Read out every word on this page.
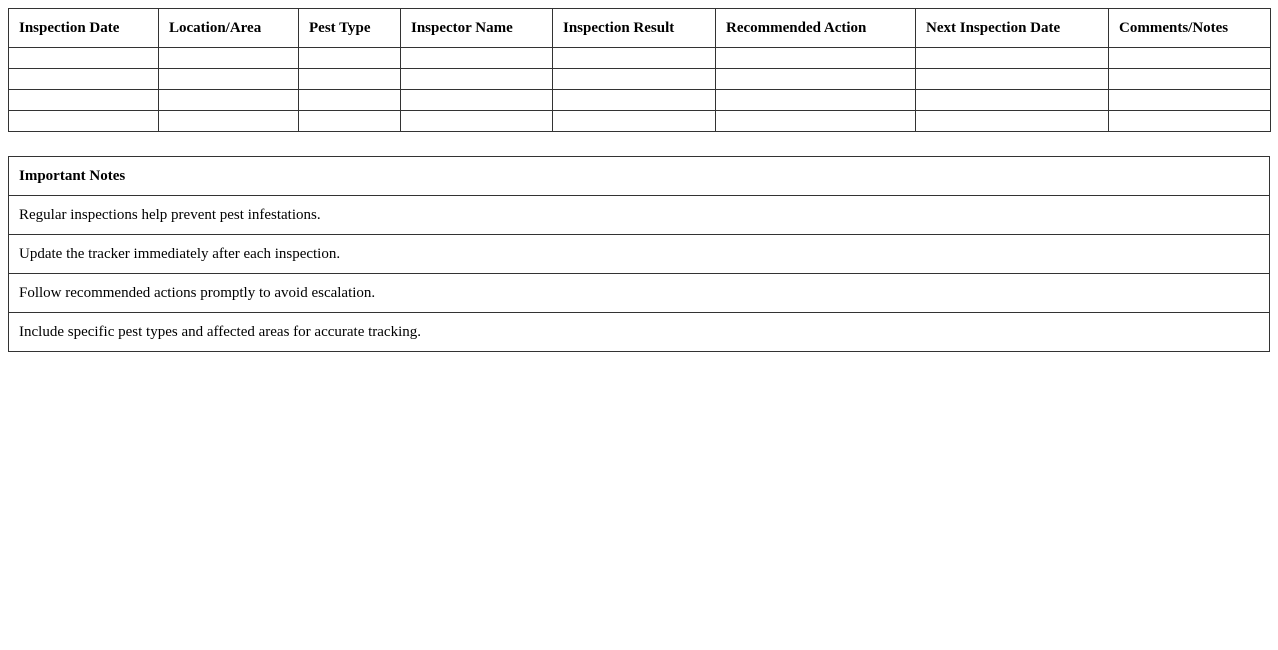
Inspection Date	Location/Area	Pest Type	Inspector Name	Inspection Result	Recommended Action	Next Inspection Date	Comments/Notes

Important Notes
Regular inspections help prevent pest infestations.
Update the tracker immediately after each inspection.
Follow recommended actions promptly to avoid escalation.
Include specific pest types and affected areas for accurate tracking.
